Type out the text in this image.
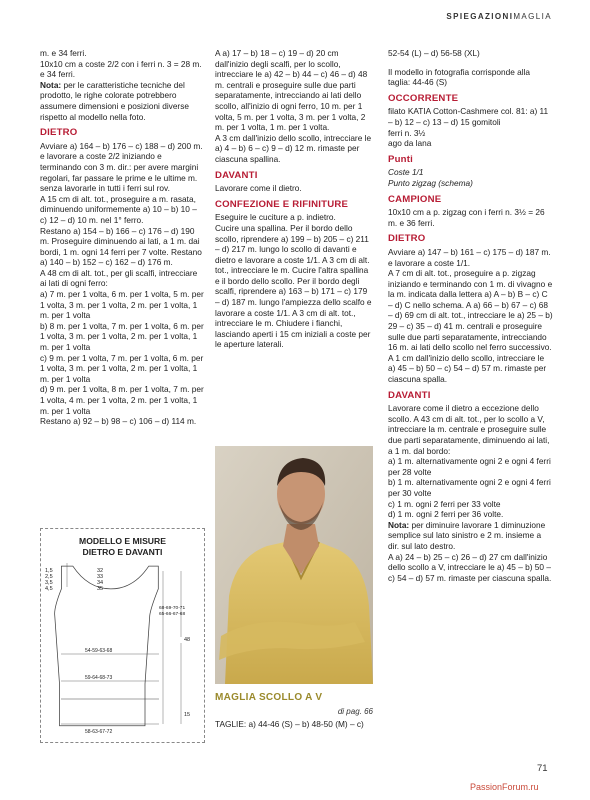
SPIEGAZIONIMAGLIA

m. e 34 ferri.

10x10 cm a coste 2/2 con i ferri n. 3 = 28 m. e 34 ferri.

Nota: per le caratteristiche tecniche del prodotto, le righe colorate potrebbero assumere dimensioni e posizioni diverse rispetto al modello nella foto.

DIETRO

Avviare a) 164 – b) 176 – c) 188 – d) 200 m. e lavorare a coste 2/2 iniziando e terminando con 3 m. dir.: per avere margini regolari, far passare le prime e le ultime m. senza lavorarle in tutti i ferri sul rov.

A 15 cm di alt. tot., proseguire a m. rasata, diminuendo uniformemente a) 10 – b) 10 – c) 12 – d) 10 m. nel 1° ferro.

Restano a) 154 – b) 166 – c) 176 – d) 190 m. Proseguire diminuendo ai lati, a 1 m. dai bordi, 1 m. ogni 14 ferri per 7 volte. Restano a) 140 – b) 152 – c) 162 – d) 176 m.

A 48 cm di alt. tot., per gli scalfi, intrecciare ai lati di ogni ferro:

a) 7 m. per 1 volta, 6 m. per 1 volta, 5 m. per 1 volta, 3 m. per 1 volta, 2 m. per 1 volta, 1 m. per 1 volta

b) 8 m. per 1 volta, 7 m. per 1 volta, 6 m. per 1 volta, 3 m. per 1 volta, 2 m. per 1 volta, 1 m. per 1 volta

c) 9 m. per 1 volta, 7 m. per 1 volta, 6 m. per 1 volta, 3 m. per 1 volta, 2 m. per 1 volta, 1 m. per 1 volta

d) 9 m. per 1 volta, 8 m. per 1 volta, 7 m. per 1 volta, 4 m. per 1 volta, 2 m. per 1 volta, 1 m. per 1 volta

Restano a) 92 – b) 98 – c) 106 – d) 114 m.

MODELLO E MISURE
DIETRO E DAVANTI
1,5
2,5
3,5
4,5
32
33
34
35
68-69-70-71
65-66-67-68
48
15
54-59-63-68
59-64-68-73
58-63-67-72

A a) 17 – b) 18 – c) 19 – d) 20 cm dall'inizio degli scalfi, per lo scollo, intrecciare le a) 42 – b) 44 – c) 46 – d) 48 m. centrali e proseguire sulle due parti separatamente, intrecciando ai lati dello scollo, all'inizio di ogni ferro, 10 m. per 1 volta, 5 m. per 1 volta, 3 m. per 1 volta, 2 m. per 1 volta, 1 m. per 1 volta.

A 3 cm dall'inizio dello scollo, intrecciare le a) 4 – b) 6 – c) 9 – d) 12 m. rimaste per ciascuna spallina.

DAVANTI

Lavorare come il dietro.

CONFEZIONE E RIFINITURE

Eseguire le cuciture a p. indietro.

Cucire una spallina. Per il bordo dello scollo, riprendere a) 199 – b) 205 – c) 211 – d) 217 m. lungo lo scollo di davanti e dietro e lavorare a coste 1/1. A 3 cm di alt. tot., intrecciare le m. Cucire l'altra spallina e il bordo dello scollo. Per il bordo degli scalfi, riprendere a) 163 – b) 171 – c) 179 – d) 187 m. lungo l'ampiezza dello scalfo e lavorare a coste 1/1. A 3 cm di alt. tot., intrecciare le m. Chiudere i fianchi, lasciando aperti i 15 cm iniziali a coste per le aperture laterali.

MAGLIA SCOLLO A V
di pag. 66
TAGLIE: a) 44-46 (S) – b) 48-50 (M) – c)

52-54 (L) – d) 56-58 (XL)

Il modello in fotografia corrisponde alla taglia: 44-46 (S)

OCCORRENTE

filato KATIA Cotton-Cashmere col. 81: a) 11 – b) 12 – c) 13 – d) 15 gomitoli

ferri n. 3½

ago da lana

Punti

Coste 1/1

Punto zigzag (schema)

CAMPIONE

10x10 cm a p. zigzag con i ferri n. 3½ = 26 m. e 36 ferri.

DIETRO

Avviare a) 147 – b) 161 – c) 175 – d) 187 m. e lavorare a coste 1/1.

A 7 cm di alt. tot., proseguire a p. zigzag iniziando e terminando con 1 m. di vivagno e la m. indicata dalla lettera a) A – b) B – c) C – d) C nello schema. A a) 66 – b) 67 – c) 68 – d) 69 cm di alt. tot., intrecciare le a) 25 – b) 29 – c) 35 – d) 41 m. centrali e proseguire sulle due parti separatamente, intrecciando 16 m. ai lati dello scollo nel ferro successivo. A 1 cm dall'inizio dello scollo, intrecciare le a) 45 – b) 50 – c) 54 – d) 57 m. rimaste per ciascuna spalla.

DAVANTI

Lavorare come il dietro a eccezione dello scollo. A 43 cm di alt. tot., per lo scollo a V, intrecciare la m. centrale e proseguire sulle due parti separatamente, diminuendo ai lati, a 1 m. dal bordo:

a) 1 m. alternativamente ogni 2 e ogni 4 ferri per 28 volte

b) 1 m. alternativamente ogni 2 e ogni 4 ferri per 30 volte

c) 1 m. ogni 2 ferri per 33 volte

d) 1 m. ogni 2 ferri per 36 volte.

Nota: per diminuire lavorare 1 diminuzione semplice sul lato sinistro e 2 m. insieme a dir. sul lato destro.

A a) 24 – b) 25 – c) 26 – d) 27 cm dall'inizio dello scollo a V, intrecciare le a) 45 – b) 50 – c) 54 – d) 57 m. rimaste per ciascuna spalla.

71
PassionForum.ru
